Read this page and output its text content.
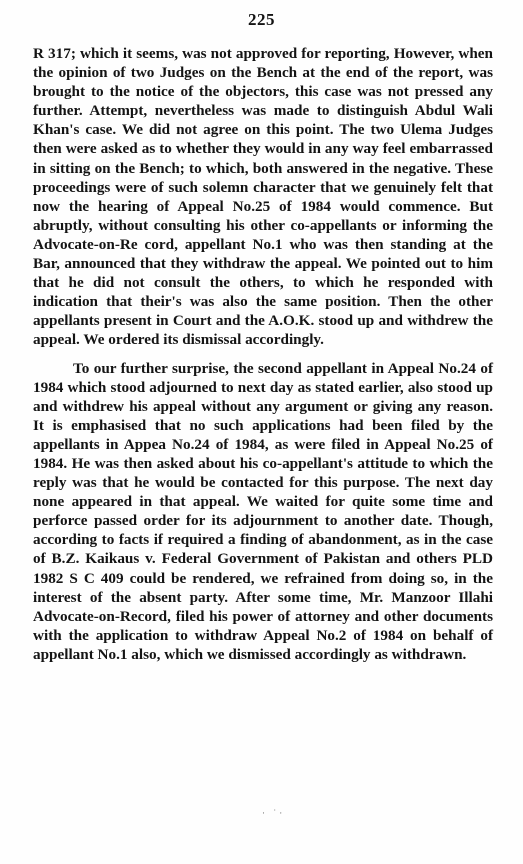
225

R 317; which it seems, was not approved for reporting, However, when the opinion of two Judges on the Bench at the end of the report, was brought to the notice of the objectors, this case was not pressed any further. Attempt, nevertheless was made to distinguish Abdul Wali Khan's case. We did not agree on this point. The two Ulema Judges then were asked as to whether they would in any way feel embarrassed in sitting on the Bench; to which, both answered in the negative. These proceedings were of such solemn character that we genuinely felt that now the hearing of Appeal No.25 of 1984 would commence. But abruptly, without consulting his other co-appellants or informing the Advocate-on-Re cord, appellant No.1 who was then standing at the Bar, announced that they withdraw the appeal. We pointed out to him that he did not consult the others, to which he responded with indication that their's was also the same position. Then the other appellants present in Court and the A.O.K. stood up and withdrew the appeal. We ordered its dismissal accordingly.

To our further surprise, the second appellant in Appeal No.24 of 1984 which stood adjourned to next day as stated earlier, also stood up and withdrew his appeal without any argument or giving any reason. It is emphasised that no such applications had been filed by the appellants in Appea No.24 of 1984, as were filed in Appeal No.25 of 1984. He was then asked about his co-appellant's attitude to which the reply was that he would be contacted for this purpose. The next day none appeared in that appeal. We waited for quite some time and perforce passed order for its adjournment to another date. Though, according to facts if required a finding of abandonment, as in the case of B.Z. Kaikaus v. Federal Government of Pakistan and others PLD 1982 S C 409 could be rendered, we refrained from doing so, in the interest of the absent party. After some time, Mr. Manzoor Illahi Advocate-on-Record, filed his power of attorney and other documents with the application to withdraw Appeal No.2 of 1984 on behalf of appellant No.1 also, which we dismissed accordingly as withdrawn.

· ˙·
